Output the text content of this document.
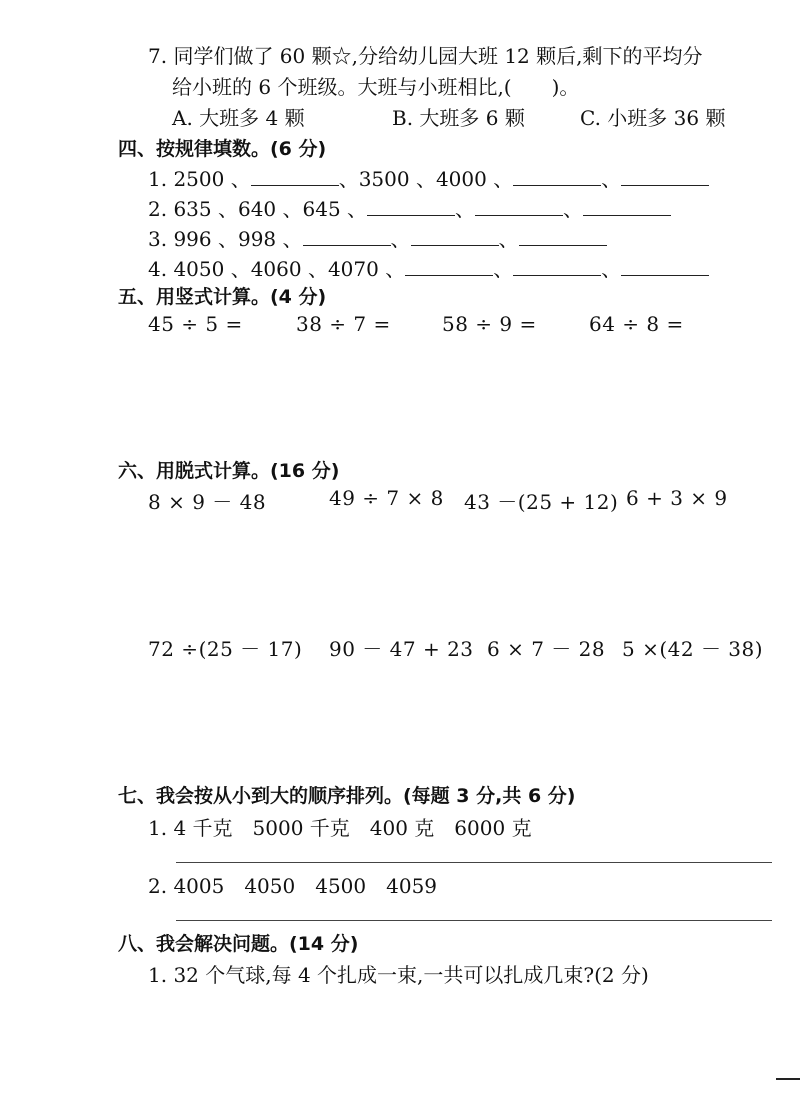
7. 同学们做了 60 颗☆,分给幼儿园大班 12 颗后,剩下的平均分
给小班的 6 个班级。大班与小班相比,(　　)。
A. 大班多 4 颗	B. 大班多 6 颗	C. 小班多 36 颗
四、按规律填数。(6 分)
1. 2500 、	、3500 、4000 、	、
2. 635 、640 、645 、	、	、
3. 996 、998 、	、	、
4. 4050 、4060 、4070 、	、	、
五、用竖式计算。(4 分)
45 ÷ 5 =	38 ÷ 7 =	58 ÷ 9 =	64 ÷ 8 =
六、用脱式计算。(16 分)
8 × 9 － 48	49 ÷ 7 × 8 43 －(25 + 12) 6 + 3 × 9
72 ÷(25 － 17) 90 － 47 + 23 6 × 7 － 28 5 ×(42 － 38)
七、我会按从小到大的顺序排列。(每题 3 分,共 6 分)
1. 4 千克　5000 千克　400 克　6000 克
2. 4005　4050　4500　4059
八、我会解决问题。(14 分)
1. 32 个气球,每 4 个扎成一束,一共可以扎成几束?(2 分)
